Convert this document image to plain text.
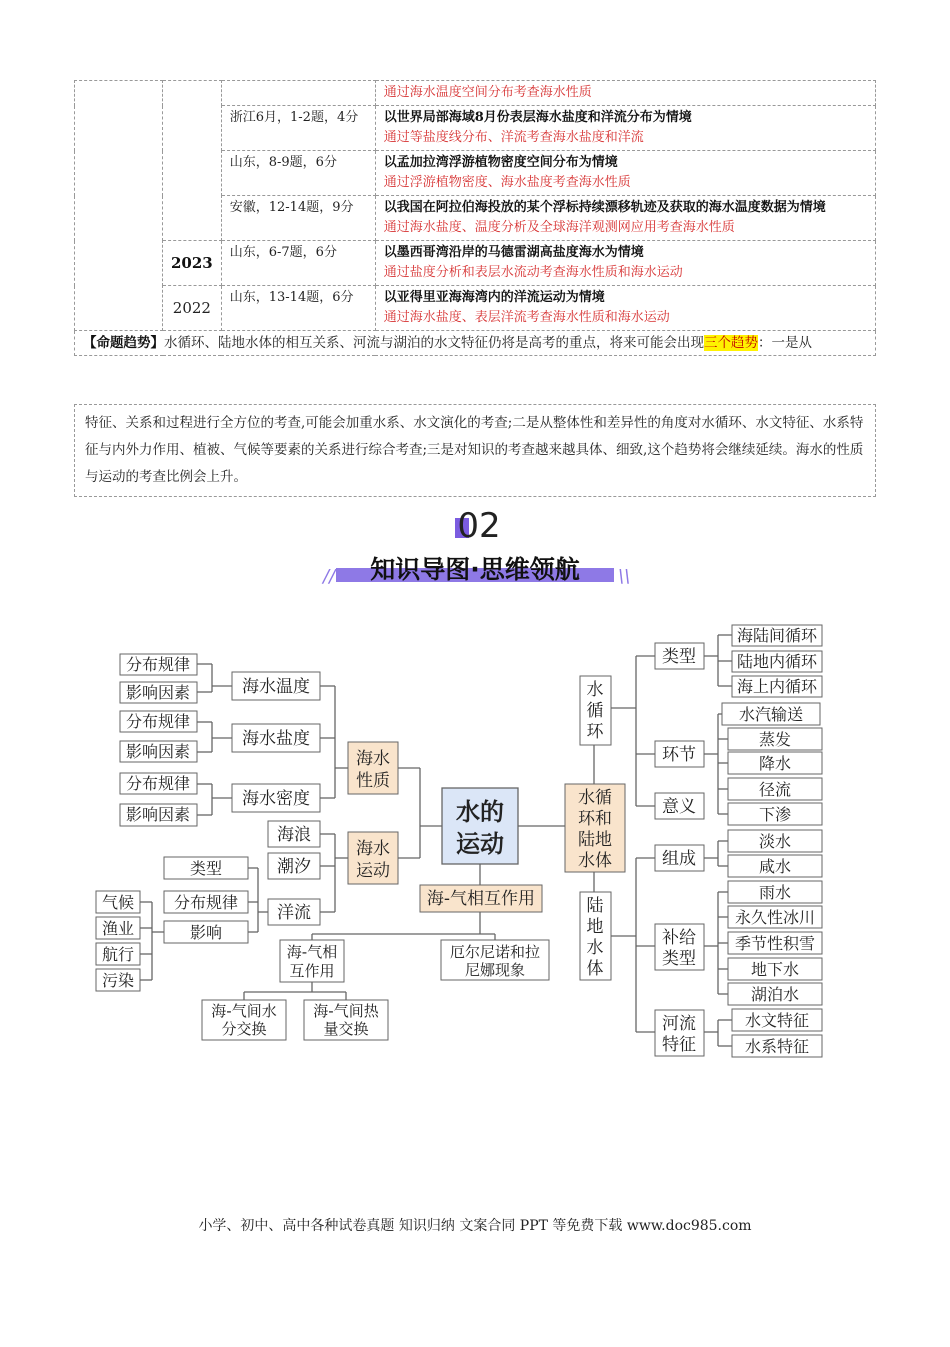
			通过海水温度空间分布考查海水性质

		浙江6月，1-2题，4分	以世界局部海域8月份表层海水盐度和洋流分布为情境
通过等盐度线分布、洋流考查海水盐度和洋流

		山东，8-9题，6分	以孟加拉湾浮游植物密度空间分布为情境
通过浮游植物密度、海水盐度考查海水性质

		安徽，12-14题，9分	以我国在阿拉伯海投放的某个浮标持续漂移轨迹及获取的海水温度数据为情境
通过海水盐度、温度分析及全球海洋观测网应用考查海水性质

	2023	山东，6-7题，6分	以墨西哥湾沿岸的马德雷湖高盐度海水为情境
通过盐度分析和表层水流动考查海水性质和海水运动

	2022	山东，13-14题，6分	以亚得里亚海海湾内的洋流运动为情境
通过海水盐度、表层洋流考查海水性质和海水运动

【命题趋势】水循环、陆地水体的相互关系、河流与湖泊的水文特征仍将是高考的重点，将来可能会出现三个趋势：一是从			
特征、关系和过程进行全方位的考查,可能会加重水系、水文演化的考查;二是从整体性和差异性的角度对水循环、水文特征、水系特征与内外力作用、植被、气候等要素的关系进行综合考查;三是对知识的考查越来越具体、细致,这个趋势将会继续延续。海水的性质与运动的考查比例会上升。
02
知识导图·思维领航
//	\\
水的
运动
分布规律
影响因素
分布规律
影响因素
分布规律
影响因素
海水温度
海水盐度
海水密度
海水
性质
海水
运动
海浪
潮汐
洋流
类型
分布规律
影响
气候
渔业
航行
污染
海-气相互作用
海-气相
互作用
厄尔尼诺和拉
尼娜现象
海-气间水
分交换
海-气间热
量交换
水循
环和
陆地
水体
水
循
环
陆
地
水
体
类型
环节
意义
组成
补给
类型
河流
特征
海陆间循环
陆地内循环
海上内循环
水汽输送
蒸发
降水
径流
下渗
淡水
咸水
雨水
永久性冰川
季节性积雪
地下水
湖泊水
水文特征
水系特征
小学、初中、高中各种试卷真题 知识归纳 文案合同 PPT 等免费下载 www.doc985.com
